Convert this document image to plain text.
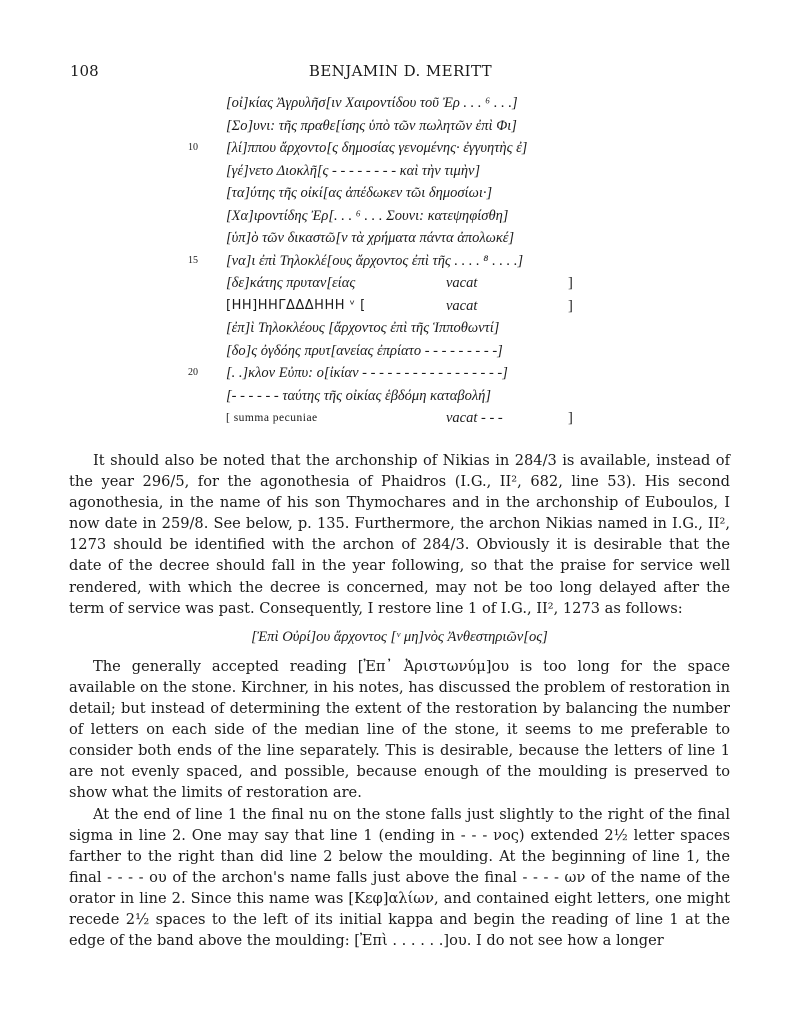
108	BENJAMIN D. MERITT
[οἰ]κίας Ἀγρυλῆσ[ιν Χαιροντίδου τοῦ Ἐρ . . . ⁶ . . .]
[Σο]υνι: τῆς πραθε[ίσης ὑπὸ τῶν πωλητῶν ἐπὶ Φι]
10 [λί]ππου ἄρχοντο[ς δημοσίας γενομένης· ἐγγυητὴς ἐ]
[γέ]νετο Διοκλῆ[ς - - - - - - - - καὶ τὴν τιμὴν]
[τα]ύτης τῆς οἰκί[ας ἀπέδωκεν τῶι δημοσίωι·]
[Χα]ιροντίδης Ἐρ[. . . ⁶ . . . Σουνι: κατεψηφίσθη]
[ὑπ]ὸ τῶν δικαστῶ[ν τὰ χρήματα πάντα ἀπολωκέ]
15 [να]ι ἐπὶ Τηλοκλέ[ους ἄρχοντος ἐπὶ τῆς . . . . ⁸ . . . .]
[δε]κάτης πρυταν[είας	vacat	]
[HH]HHΓΔΔΔΗΗΗ ᵛ [	vacat	]
[ἐπ]ὶ Τηλοκλέους [ἄρχοντος ἐπὶ τῆς Ἱπποθωντί]
[δο]ς ὀγδόης πρυτ[ανείας ἐπρίατο - - - - - - - - -]
20 [. .]κλον Εὐπυ: ο[ἰκίαν - - - - - - - - - - - - - - - - -]
[- - - - - - ταύτης τῆς οἰκίας ἑβδόμη καταβολή]
[ summa pecuniae	vacat - - -	]

It should also be noted that the archonship of Nikias in 284/3 is available, instead of the year 296/5, for the agonothesia of Phaidros (I.G., II², 682, line 53). His second agonothesia, in the name of his son Thymochares and in the archonship of Euboulos, I now date in 259/8. See below, p. 135. Furthermore, the archon Nikias named in I.G., II², 1273 should be identified with the archon of 284/3. Obviously it is desirable that the date of the decree should fall in the year following, so that the praise for service well rendered, with which the decree is concerned, may not be too long delayed after the term of service was past. Consequently, I restore line 1 of I.G., II², 1273 as follows:

[Ἐπὶ Οὐρί]ου ἄρχοντος [ᵛ μη]νὸς Ἀνθεστηριῶν[ος]

The generally accepted reading [Ἐπ᾿ Ἀριστωνύμ]ου is too long for the space available on the stone. Kirchner, in his notes, has discussed the problem of restoration in detail; but instead of determining the extent of the restoration by balancing the number of letters on each side of the median line of the stone, it seems to me preferable to consider both ends of the line separately. This is desirable, because the letters of line 1 are not evenly spaced, and possible, because enough of the moulding is preserved to show what the limits of restoration are.

At the end of line 1 the final nu on the stone falls just slightly to the right of the final sigma in line 2. One may say that line 1 (ending in - - - νος) extended 2½ letter spaces farther to the right than did line 2 below the moulding. At the beginning of line 1, the final - - - - ου of the archon's name falls just above the final - - - - ων of the name of the orator in line 2. Since this name was [Κεφ]αλίων, and contained eight letters, one might recede 2½ spaces to the left of its initial kappa and begin the reading of line 1 at the edge of the band above the moulding: [Ἐπὶ . . . . . .]ου. I do not see how a longer
